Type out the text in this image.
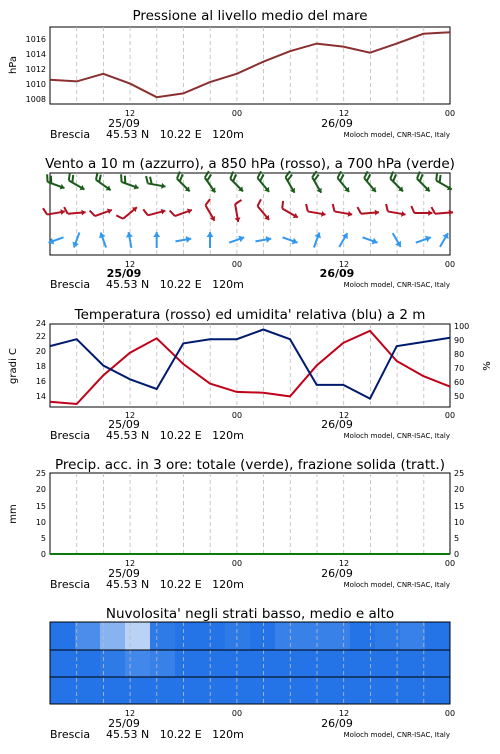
Pressione al livello medio del mare
1008
1010
1012
1014
1016
hPa
12	00	12	00
25/09	26/09
Brescia 45.53 N   10.22 E   120m	Moloch model, CNR-ISAC, Italy
Vento a 10 m (azzurro), a 850 hPa (rosso), a 700 hPa (verde)
12	00	12	00
25/09	26/09
Brescia 45.53 N   10.22 E   120m	Moloch model, CNR-ISAC, Italy
Temperatura (rosso) ed umidita' relativa (blu) a 2 m
14
16
18
20
22
24
50
60
70
80
90
100
gradi C	%
12	00	12	00
25/09	26/09
Brescia 45.53 N   10.22 E   120m	Moloch model, CNR-ISAC, Italy
Precip. acc. in 3 ore: totale (verde), frazione solida (tratt.)
0
5
10
15
20
25
0
5
10
15
20
25
mm
12	00	12	00
25/09	26/09
Brescia 45.53 N   10.22 E   120m	Moloch model, CNR-ISAC, Italy
Nuvolosita' negli strati basso, medio e alto
12	00	12	00
25/09	26/09
Brescia 45.53 N   10.22 E   120m	Moloch model, CNR-ISAC, Italy
